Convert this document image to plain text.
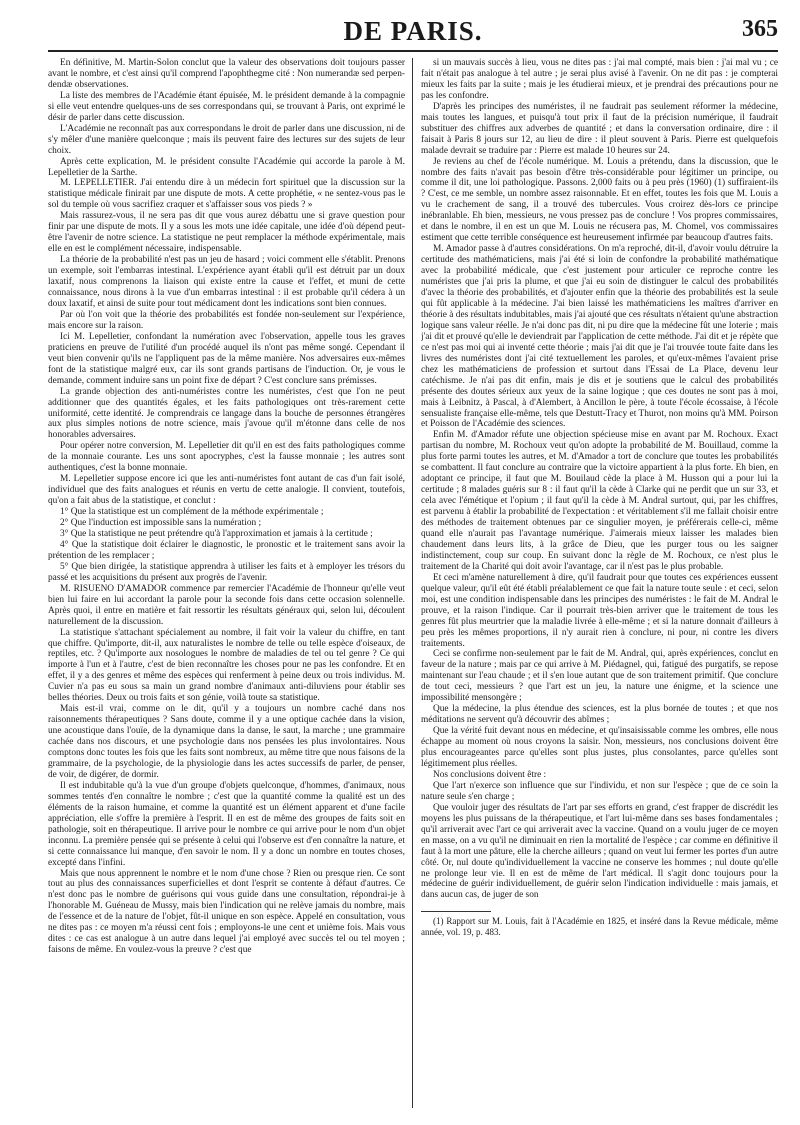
DE PARIS.	365

En définitive, M. Martin-Solon conclut que la valeur des observations doit toujours passer avant le nombre, et c'est ainsi qu'il comprend l'apophthegme cité : Non numerandæ sed perpen-dendæ observationes.

La liste des membres de l'Académie étant épuisée, M. le président demande à la compagnie si elle veut entendre quelques-uns de ses correspondans qui, se trouvant à Paris, ont exprimé le désir de parler dans cette discussion.

L'Académie ne reconnaît pas aux correspondans le droit de parler dans une discussion, ni de s'y mêler d'une manière quelconque ; mais ils peuvent faire des lectures sur des sujets de leur choix.

Après cette explication, M. le président consulte l'Académie qui accorde la parole à M. Lepelletier de la Sarthe.

M. LEPELLETIER. J'ai entendu dire à un médecin fort spirituel que la discussion sur la statistique médicale finirait par une dispute de mots. A cette prophétie, « ne sentez-vous pas le sol du temple où vous sacrifiez craquer et s'affaisser sous vos pieds ? »

Mais rassurez-vous, il ne sera pas dit que vous aurez débattu une si grave question pour finir par une dispute de mots. Il y a sous les mots une idée capitale, une idée d'où dépend peut-être l'avenir de notre science. La statistique ne peut remplacer la méthode expérimentale, mais elle en est le complément nécessaire, indispensable.

La théorie de la probabilité n'est pas un jeu de hasard ; voici comment elle s'établit. Prenons un exemple, soit l'embarras intestinal. L'expérience ayant établi qu'il est détruit par un doux laxatif, nous comprenons la liaison qui existe entre la cause et l'effet, et muni de cette connaissance, nous dirons à la vue d'un embarras intestinal : il est probable qu'il cédera à un doux laxatif, et ainsi de suite pour tout médicament dont les indications sont bien connues.

Par où l'on voit que la théorie des probabilités est fondée non-seulement sur l'expérience, mais encore sur la raison.

Ici M. Lepelletier, confondant la numération avec l'observation, appelle tous les graves praticiens en preuve de l'utilité d'un procédé auquel ils n'ont pas même songé. Cependant il veut bien convenir qu'ils ne l'appliquent pas de la même manière. Nos adversaires eux-mêmes font de la statistique malgré eux, car ils sont grands partisans de l'induction. Or, je vous le demande, comment induire sans un point fixe de départ ? C'est conclure sans prémisses.

La grande objection des anti-numéristes contre les numéristes, c'est que l'on ne peut additionner que des quantités égales, et les faits pathologiques ont très-rarement cette uniformité, cette identité. Je comprendrais ce langage dans la bouche de personnes étrangères aux plus simples notions de notre science, mais j'avoue qu'il m'étonne dans celle de nos honorables adversaires.

Pour opérer notre conversion, M. Lepelletier dit qu'il en est des faits pathologiques comme de la monnaie courante. Les uns sont apocryphes, c'est la fausse monnaie ; les autres sont authentiques, c'est la bonne monnaie.

M. Lepelletier suppose encore ici que les anti-numéristes font autant de cas d'un fait isolé, individuel que des faits analogues et réunis en vertu de cette analogie. Il convient, toutefois, qu'on a fait abus de la statistique, et conclut :

1° Que la statistique est un complément de la méthode expérimentale ;

2° Que l'induction est impossible sans la numération ;

3° Que la statistique ne peut prétendre qu'à l'approximation et jamais à la certitude ;

4° Que la statistique doit éclairer le diagnostic, le pronostic et le traitement sans avoir la prétention de les remplacer ;

5° Que bien dirigée, la statistique apprendra à utiliser les faits et à employer les trésors du passé et les acquisitions du présent aux progrès de l'avenir.

M. RISUENO D'AMADOR commence par remercier l'Académie de l'honneur qu'elle veut bien lui faire en lui accordant la parole pour la seconde fois dans cette occasion solennelle. Après quoi, il entre en matière et fait ressortir les résultats généraux qui, selon lui, découlent naturellement de la discussion.

La statistique s'attachant spécialement au nombre, il fait voir la valeur du chiffre, en tant que chiffre. Qu'importe, dit-il, aux naturalistes le nombre de telle ou telle espèce d'oiseaux, de reptiles, etc. ? Qu'importe aux nosologues le nombre de maladies de tel ou tel genre ? Ce qui importe à l'un et à l'autre, c'est de bien reconnaître les choses pour ne pas les confondre. Et en effet, il y a des genres et même des espèces qui renferment à peine deux ou trois individus. M. Cuvier n'a pas eu sous sa main un grand nombre d'animaux anti-diluviens pour établir ses belles théories. Deux ou trois faits et son génie, voilà toute sa statistique.

Mais est-il vrai, comme on le dit, qu'il y a toujours un nombre caché dans nos raisonnements thérapeutiques ? Sans doute, comme il y a une optique cachée dans la vision, une acoustique dans l'ouïe, de la dynamique dans la danse, le saut, la marche ; une grammaire cachée dans nos discours, et une psychologie dans nos pensées les plus involontaires. Nous comptons donc toutes les fois que les faits sont nombreux, au même titre que nous faisons de la grammaire, de la psychologie, de la physiologie dans les actes successifs de parler, de penser, de voir, de digérer, de dormir.

Il est indubitable qu'à la vue d'un groupe d'objets quelconque, d'hommes, d'animaux, nous sommes tentés d'en connaître le nombre ; c'est que la quantité comme la qualité est un des éléments de la raison humaine, et comme la quantité est un élément apparent et d'une facile appréciation, elle s'offre la première à l'esprit. Il en est de même des groupes de faits soit en pathologie, soit en thérapeutique. Il arrive pour le nombre ce qui arrive pour le nom d'un objet inconnu. La première pensée qui se présente à celui qui l'observe est d'en connaître la nature, et si cette connaissance lui manque, d'en savoir le nom. Il y a donc un nombre en toutes choses, excepté dans l'infini.

Mais que nous apprennent le nombre et le nom d'une chose ? Rien ou presque rien. Ce sont tout au plus des connaissances superficielles et dont l'esprit se contente à défaut d'autres. Ce n'est donc pas le nombre de guérisons qui vous guide dans une consultation, répondrai-je à l'honorable M. Guéneau de Mussy, mais bien l'indication qui ne relève jamais du nombre, mais de l'essence et de la nature de l'objet, fût-il unique en son espèce. Appelé en consultation, vous ne dites pas : ce moyen m'a réussi cent fois ; employons-le une cent et unième fois. Mais vous dites : ce cas est analogue à un autre dans lequel j'ai employé avec succès tel ou tel moyen ; faisons de même. En voulez-vous la preuve ? c'est que

si un mauvais succès à lieu, vous ne dites pas : j'ai mal compté, mais bien : j'ai mal vu ; ce fait n'était pas analogue à tel autre ; je serai plus avisé à l'avenir. On ne dit pas : je compterai mieux les faits par la suite ; mais je les étudierai mieux, et je prendrai des précautions pour ne pas les confondre.

D'après les principes des numéristes, il ne faudrait pas seulement réformer la médecine, mais toutes les langues, et puisqu'à tout prix il faut de la précision numérique, il faudrait substituer des chiffres aux adverbes de quantité ; et dans la conversation ordinaire, dire : il faisait à Paris 8 jours sur 12, au lieu de dire : il pleut souvent à Paris. Pierre est quelquefois malade devrait se traduire par : Pierre est malade 10 heures sur 24.

Je reviens au chef de l'école numérique. M. Louis a prétendu, dans la discussion, que le nombre des faits n'avait pas besoin d'être très-considérable pour légitimer un principe, ou comme il dit, une loi pathologique. Passons. 2,000 faits ou à peu près (1960) (1) suffiraient-ils ? C'est, ce me semble, un nombre assez raisonnable. Et en effet, toutes les fois que M. Louis a vu le crachement de sang, il a trouvé des tubercules. Vous croirez dès-lors ce principe inébranlable. Eh bien, messieurs, ne vous pressez pas de conclure ! Vos propres commissaires, et dans le nombre, il en est un que M. Louis ne récusera pas, M. Chomel, vos commissaires estiment que cette terrible conséquence est heureusement infirmée par beaucoup d'autres faits.

M. Amador passe à d'autres considérations. On m'a reproché, dit-il, d'avoir voulu détruire la certitude des mathématiciens, mais j'ai été si loin de confondre la probabilité mathématique avec la probabilité médicale, que c'est justement pour articuler ce reproche contre les numéristes que j'ai pris la plume, et que j'ai eu soin de distinguer le calcul des probabilités d'avec la théorie des probabilités, et d'ajouter enfin que la théorie des probabilités est la seule qui fût applicable à la médecine. J'ai bien laissé les mathématiciens les maîtres d'arriver en théorie à des résultats indubitables, mais j'ai ajouté que ces résultats n'étaient qu'une abstraction logique sans valeur réelle. Je n'ai donc pas dit, ni pu dire que la médecine fût une loterie ; mais j'ai dit et prouvé qu'elle le deviendrait par l'application de cette méthode. J'ai dit et je répète que ce n'est pas moi qui ai inventé cette théorie ; mais j'ai dit que je l'ai trouvée toute faite dans les livres des numéristes dont j'ai cité textuellement les paroles, et qu'eux-mêmes l'avaient prise chez les mathématiciens de profession et surtout dans l'Essai de La Place, devenu leur catéchisme. Je n'ai pas dit enfin, mais je dis et je soutiens que le calcul des probabilités présente des doutes sérieux aux yeux de la saine logique ; que ces doutes ne sont pas à moi, mais à Leibnitz, à Pascal, à d'Alembert, à Ancillon le père, à toute l'école écossaise, à l'école sensualiste française elle-même, tels que Destutt-Tracy et Thurot, non moins qu'à MM. Poirson et Poisson de l'Académie des sciences.

Enfin M. d'Amador réfute une objection spécieuse mise en avant par M. Rochoux. Exact partisan du nombre, M. Rochoux veut qu'on adopte la probabilité de M. Bouillaud, comme la plus forte parmi toutes les autres, et M. d'Amador a tort de conclure que toutes les probabilités se combattent. Il faut conclure au contraire que la victoire appartient à la plus forte. Eh bien, en adoptant ce principe, il faut que M. Bouilaud cède la place à M. Husson qui a pour lui la certitude ; 8 malades guéris sur 8 : il faut qu'il la cède à Clarke qui ne perdit que un sur 33, et cela avec l'émétique et l'opium ; il faut qu'il la cède à M. Andral surtout, qui, par les chiffres, est parvenu à établir la probabilité de l'expectation : et véritablement s'il me fallait choisir entre des méthodes de traitement obtenues par ce singulier moyen, je préférerais celle-ci, même quand elle n'aurait pas l'avantage numérique. J'aimerais mieux laisser les malades bien chaudement dans leurs lits, à la grâce de Dieu, que les purger tous ou les saigner indistinctement, coup sur coup. En suivant donc la règle de M. Rochoux, ce n'est plus le traitement de la Charité qui doit avoir l'avantage, car il n'est pas le plus probable.

Et ceci m'amène naturellement à dire, qu'il faudrait pour que toutes ces expériences eussent quelque valeur, qu'il eût été établi préalablement ce que fait la nature toute seule : et ceci, selon moi, est une condition indispensable dans les principes des numéristes : le fait de M. Andral le prouve, et la raison l'indique. Car il pourrait très-bien arriver que le traitement de tous les genres fût plus meurtrier que la maladie livrée à elle-même ; et si la nature donnait d'ailleurs à peu près les mêmes proportions, il n'y aurait rien à conclure, ni pour, ni contre les divers traitements.

Ceci se confirme non-seulement par le fait de M. Andral, qui, après expériences, conclut en faveur de la nature ; mais par ce qui arrive à M. Piédagnel, qui, fatigué des purgatifs, se repose maintenant sur l'eau chaude ; et il s'en loue autant que de son traitement primitif. Que conclure de tout ceci, messieurs ? que l'art est un jeu, la nature une énigme, et la science une impossibilité mensongère ;

Que la médecine, la plus étendue des sciences, est la plus bornée de toutes ; et que nos méditations ne servent qu'à découvrir des abîmes ;

Que la vérité fuit devant nous en médecine, et qu'insaisissable comme les ombres, elle nous échappe au moment où nous croyons la saisir. Non, messieurs, nos conclusions doivent être plus encourageantes parce qu'elles sont plus justes, plus consolantes, parce qu'elles sont légitimement plus réelles.

Nos conclusions doivent être :

Que l'art n'exerce son influence que sur l'individu, et non sur l'espèce ; que de ce soin la nature seule s'en charge ;

Que vouloir juger des résultats de l'art par ses efforts en grand, c'est frapper de discrédit les moyens les plus puissans de la thérapeutique, et l'art lui-même dans ses bases fondamentales ; qu'il arriverait avec l'art ce qui arriverait avec la vaccine. Quand on a voulu juger de ce moyen en masse, on a vu qu'il ne diminuait en rien la mortalité de l'espèce ; car comme en définitive il faut à la mort une pâture, elle la cherche ailleurs ; quand on veut lui fermer les portes d'un autre côté. Or, nul doute qu'individuellement la vaccine ne conserve les hommes ; nul doute qu'elle ne prolonge leur vie. Il en est de même de l'art médical. Il s'agit donc toujours pour la médecine de guérir individuellement, de guérir selon l'indication individuelle : mais jamais, et dans aucun cas, de juger de son

(1) Rapport sur M. Louis, fait à l'Académie en 1825, et inséré dans la Revue médicale, même année, vol. 19, p. 483.
